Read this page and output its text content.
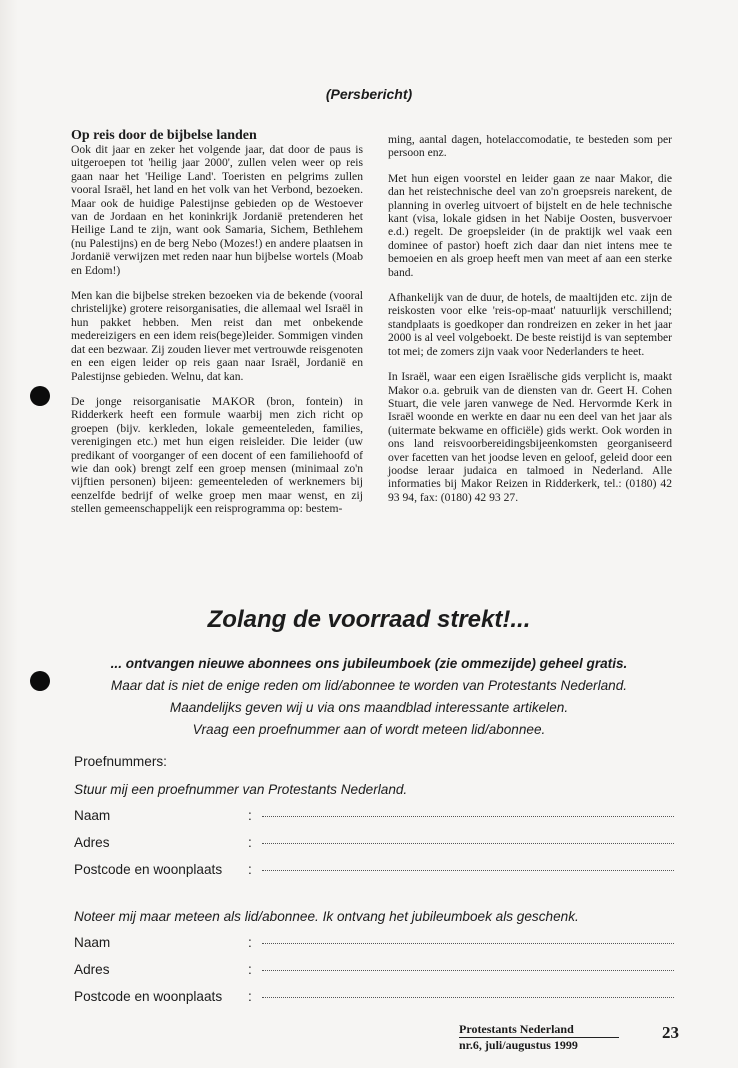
(Persbericht)
Op reis door de bijbelse landen

Ook dit jaar en zeker het volgende jaar, dat door de paus is uitgeroepen tot 'heilig jaar 2000', zullen velen weer op reis gaan naar het 'Heilige Land'. Toeristen en pelgrims zullen vooral Israël, het land en het volk van het Verbond, bezoeken. Maar ook de huidige Palestijnse gebieden op de Westoever van de Jordaan en het koninkrijk Jordanië pretenderen het Heilige Land te zijn, want ook Samaria, Sichem, Bethlehem (nu Palestijns) en de berg Nebo (Mozes!) en andere plaatsen in Jordanië verwijzen met reden naar hun bijbelse wortels (Moab en Edom!)

Men kan die bijbelse streken bezoeken via de bekende (vooral christelijke) grotere reisorganisaties, die allemaal wel Israël in hun pakket hebben. Men reist dan met onbekende medereizigers en een idem reis(bege)leider. Sommigen vinden dat een bezwaar. Zij zouden liever met vertrouwde reisgenoten en een eigen leider op reis gaan naar Israël, Jordanië en Palestijnse gebieden. Welnu, dat kan.

De jonge reisorganisatie MAKOR (bron, fontein) in Ridderkerk heeft een formule waarbij men zich richt op groepen (bijv. kerkleden, lokale gemeenteleden, families, verenigingen etc.) met hun eigen reisleider. Die leider (uw predikant of voorganger of een docent of een familiehoofd of wie dan ook) brengt zelf een groep mensen (minimaal zo'n vijftien personen) bijeen: gemeenteleden of werknemers bij eenzelfde bedrijf of welke groep men maar wenst, en zij stellen gemeenschappelijk een reisprogramma op: bestem-

ming, aantal dagen, hotelaccomodatie, te besteden som per persoon enz.

Met hun eigen voorstel en leider gaan ze naar Makor, die dan het reistechnische deel van zo'n groepsreis narekent, de planning in overleg uitvoert of bijstelt en de hele technische kant (visa, lokale gidsen in het Nabije Oosten, busvervoer e.d.) regelt. De groepsleider (in de praktijk wel vaak een dominee of pastor) hoeft zich daar dan niet intens mee te bemoeien en als groep heeft men van meet af aan een sterke band.

Afhankelijk van de duur, de hotels, de maaltijden etc. zijn de reiskosten voor elke 'reis-op-maat' natuurlijk verschillend; standplaats is goedkoper dan rondreizen en zeker in het jaar 2000 is al veel volgeboekt. De beste reistijd is van september tot mei; de zomers zijn vaak voor Nederlanders te heet.

In Israël, waar een eigen Israëlische gids verplicht is, maakt Makor o.a. gebruik van de diensten van dr. Geert H. Cohen Stuart, die vele jaren vanwege de Ned. Hervormde Kerk in Israël woonde en werkte en daar nu een deel van het jaar als (uitermate bekwame en officiële) gids werkt. Ook worden in ons land reisvoorbereidingsbijeenkomsten georganiseerd over facetten van het joodse leven en geloof, geleid door een joodse leraar judaica en talmoed in Nederland. Alle informaties bij Makor Reizen in Ridderkerk, tel.: (0180) 42 93 94, fax: (0180) 42 93 27.

Zolang de voorraad strekt!...
... ontvangen nieuwe abonnees ons jubileumboek (zie ommezijde) geheel gratis.
Maar dat is niet de enige reden om lid/abonnee te worden van Protestants Nederland.
Maandelijks geven wij u via ons maandblad interessante artikelen.
Vraag een proefnummer aan of wordt meteen lid/abonnee.
Proefnummers:
Stuur mij een proefnummer van Protestants Nederland.
Naam	:
Adres	:
Postcode en woonplaats	:
Noteer mij maar meteen als lid/abonnee. Ik ontvang het jubileumboek als geschenk.
Naam	:
Adres	:
Postcode en woonplaats	:
Protestants Nederland
nr.6, juli/augustus 1999
23
